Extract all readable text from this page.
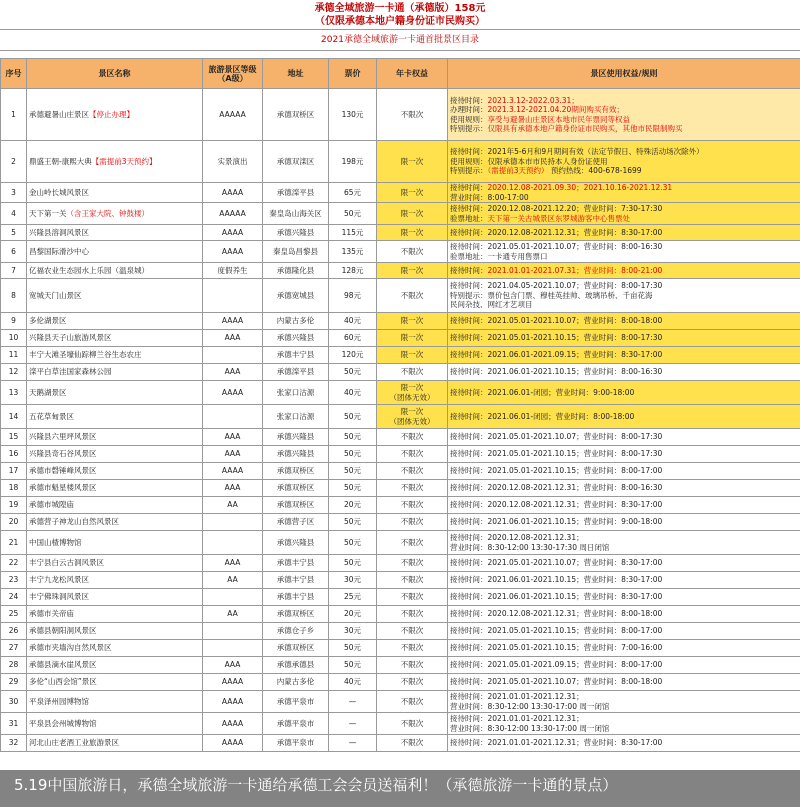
承德全域旅游一卡通（承德版）158元
（仅限承德本地户籍身份证市民购买）
2021承德全域旅游一卡通首批景区目录
序号	景区名称	旅游景区等级（A级）	地址	票价	年卡权益	景区使用权益/规则
1	承德避暑山庄景区【停止办理】	AAAAA	承德双桥区	130元	不限次	接待时间：2021.3.12-2022.03.31；
办理时间：2021.3.12-2021.04.20期间购买有效；
使用规则：享受与避暑山庄景区本地市民年票同等权益
特别提示：仅限具有承德本地户籍身份证市民购买，其他市民限制购买

2	鼎盛王朝-康熙大典【需提前3天预约】	实景演出	承德双滦区	198元	限一次	接待时间：2021年5-6月和9月期间有效（法定节假日、特殊活动场次除外）
使用规则：仅限承德本市市民持本人身份证使用
特别提示：（需提前3天预约） 预约热线：400-678-1699

3	金山岭长城风景区	AAAA	承德滦平县	65元	限一次	接待时间：2020.12.08-2021.09.30；2021.10.16-2021.12.31
营业时间：8:00-17:00

4	天下第一关（含王家大院、钟鼓楼）	AAAAA	秦皇岛山海关区	50元	限一次	接待时间：2020.12.08-2021.12.20；营业时间：7:30-17:30
验票地址：天下第一关古城景区东罗城游客中心售票处

5	兴隆县溶洞风景区	AAAA	承德兴隆县	115元	限一次	接待时间：2020.12.08-2021.12.31；营业时间：8:30-17:00

6	昌黎国际滑沙中心	AAAA	秦皇岛昌黎县	135元	不限次	接待时间：2021.05.01-2021.10.07；营业时间：8:00-16:30
验票地址：一卡通专用售票口

7	亿福农业生态园水上乐园（温泉城）	度假养生	承德隆化县	128元	限一次	接待时间：2021.01.01-2021.07.31；营业时间：8:00-21:00

8	宽城天门山景区		承德宽城县	98元	不限次	接待时间：2021.04.05-2021.10.07；营业时间：8:00-17:30
特别提示：票价包含门票、穆桂英挂帅、玻璃吊桥、千亩花海
民间杂技、网红才艺项目

9	多伦湖景区	AAAA	内蒙古多伦	40元	限一次	接待时间：2021.05.01-2021.10.07；营业时间：8:00-18:00

10	兴隆县天子山旅游风景区	AAA	承德兴隆县	60元	限一次	接待时间：2021.05.01-2021.10.15；营业时间：8:00-17:30

11	丰宁大滩圣壕仙踪柳兰谷生态农庄		承德丰宁县	120元	限一次	接待时间：2021.06.01-2021.09.15；营业时间：8:30-17:00

12	滦平白草洼国家森林公园	AAA	承德滦平县	50元	不限次	接待时间：2021.06.01-2021.10.15；营业时间：8:00-16:30

13	天鹅湖景区	AAAA	张家口沽源	40元	限一次
（团体无效）	接待时间：2021.06.01-闭园；营业时间：9:00-18:00

14	五花草甸景区		张家口沽源	50元	限一次
（团体无效）	接待时间：2021.06.01-闭园；营业时间：8:00-18:00

15	兴隆县六里坪风景区	AAA	承德兴隆县	50元	不限次	接待时间：2021.05.01-2021.10.07；营业时间：8:00-17:30

16	兴隆县奇石谷风景区	AAA	承德兴隆县	50元	不限次	接待时间：2021.05.01-2021.10.15；营业时间：8:00-17:30

17	承德市磬锤峰风景区	AAAA	承德双桥区	50元	不限次	接待时间：2021.05.01-2021.10.15；营业时间：8:00-17:00

18	承德市魁星楼风景区	AAA	承德双桥区	50元	不限次	接待时间：2020.12.08-2021.12.31；营业时间：8:00-16:30

19	承德市城隍庙	AA	承德双桥区	20元	不限次	接待时间：2020.12.08-2021.12.31；营业时间：8:30-17:00

20	承德营子神龙山自然风景区		承德营子区	50元	不限次	接待时间：2021.06.01-2021.10.15；营业时间：9:00-18:00

21	中国山楂博物馆		承德兴隆县	50元	不限次	接待时间：2020.12.08-2021.12.31；
营业时间：8:30-12:00 13:30-17:30 周日闭馆

22	丰宁县白云古洞风景区	AAA	承德丰宁县	50元	不限次	接待时间：2021.05.01-2021.10.07；营业时间：8:30-17:00

23	丰宁九龙松风景区	AA	承德丰宁县	30元	不限次	接待时间：2021.06.01-2021.10.15；营业时间：8:30-17:00

24	丰宁佛珠洞风景区		承德丰宁县	25元	不限次	接待时间：2021.06.01-2021.10.15；营业时间：8:30-17:00

25	承德市关帝庙	AA	承德双桥区	20元	不限次	接待时间：2020.12.08-2021.12.31；营业时间：8:00-18:00

26	承德县朝阳洞风景区		承德仓子乡	30元	不限次	接待时间：2021.05.01-2021.10.15；营业时间：8:00-17:00

27	承德市夹墙沟自然风景区		承德双桥区	50元	不限次	接待时间：2021.05.01-2021.10.15；营业时间：7:00-16:00

28	承德县滴水崖风景区	AAA	承德承德县	50元	不限次	接待时间：2021.05.01-2021.09.15；营业时间：8:00-17:00

29	多伦“山西会馆”景区	AAAA	内蒙古多伦	40元	不限次	接待时间：2021.05.01-2021.10.07；营业时间：8:00-18:00

30	平泉泽州园博物馆	AAAA	承德平泉市	—	不限次	接待时间：2021.01.01-2021.12.31；
营业时间：8:30-12:00 13:30-17:00 周一闭馆

31	平泉县会州城博物馆	AAAA	承德平泉市	—	不限次	接待时间：2021.01.01-2021.12.31；
营业时间：8:30-12:00 13:30-17:00 周一闭馆

32	河北山庄老酒工业旅游景区	AAAA	承德平泉市	—	不限次	接待时间：2021.01.01-2021.12.31；营业时间：8:30-17:00
5.19中国旅游日，承德全域旅游一卡通给承德工会会员送福利！（承德旅游一卡通的景点）
